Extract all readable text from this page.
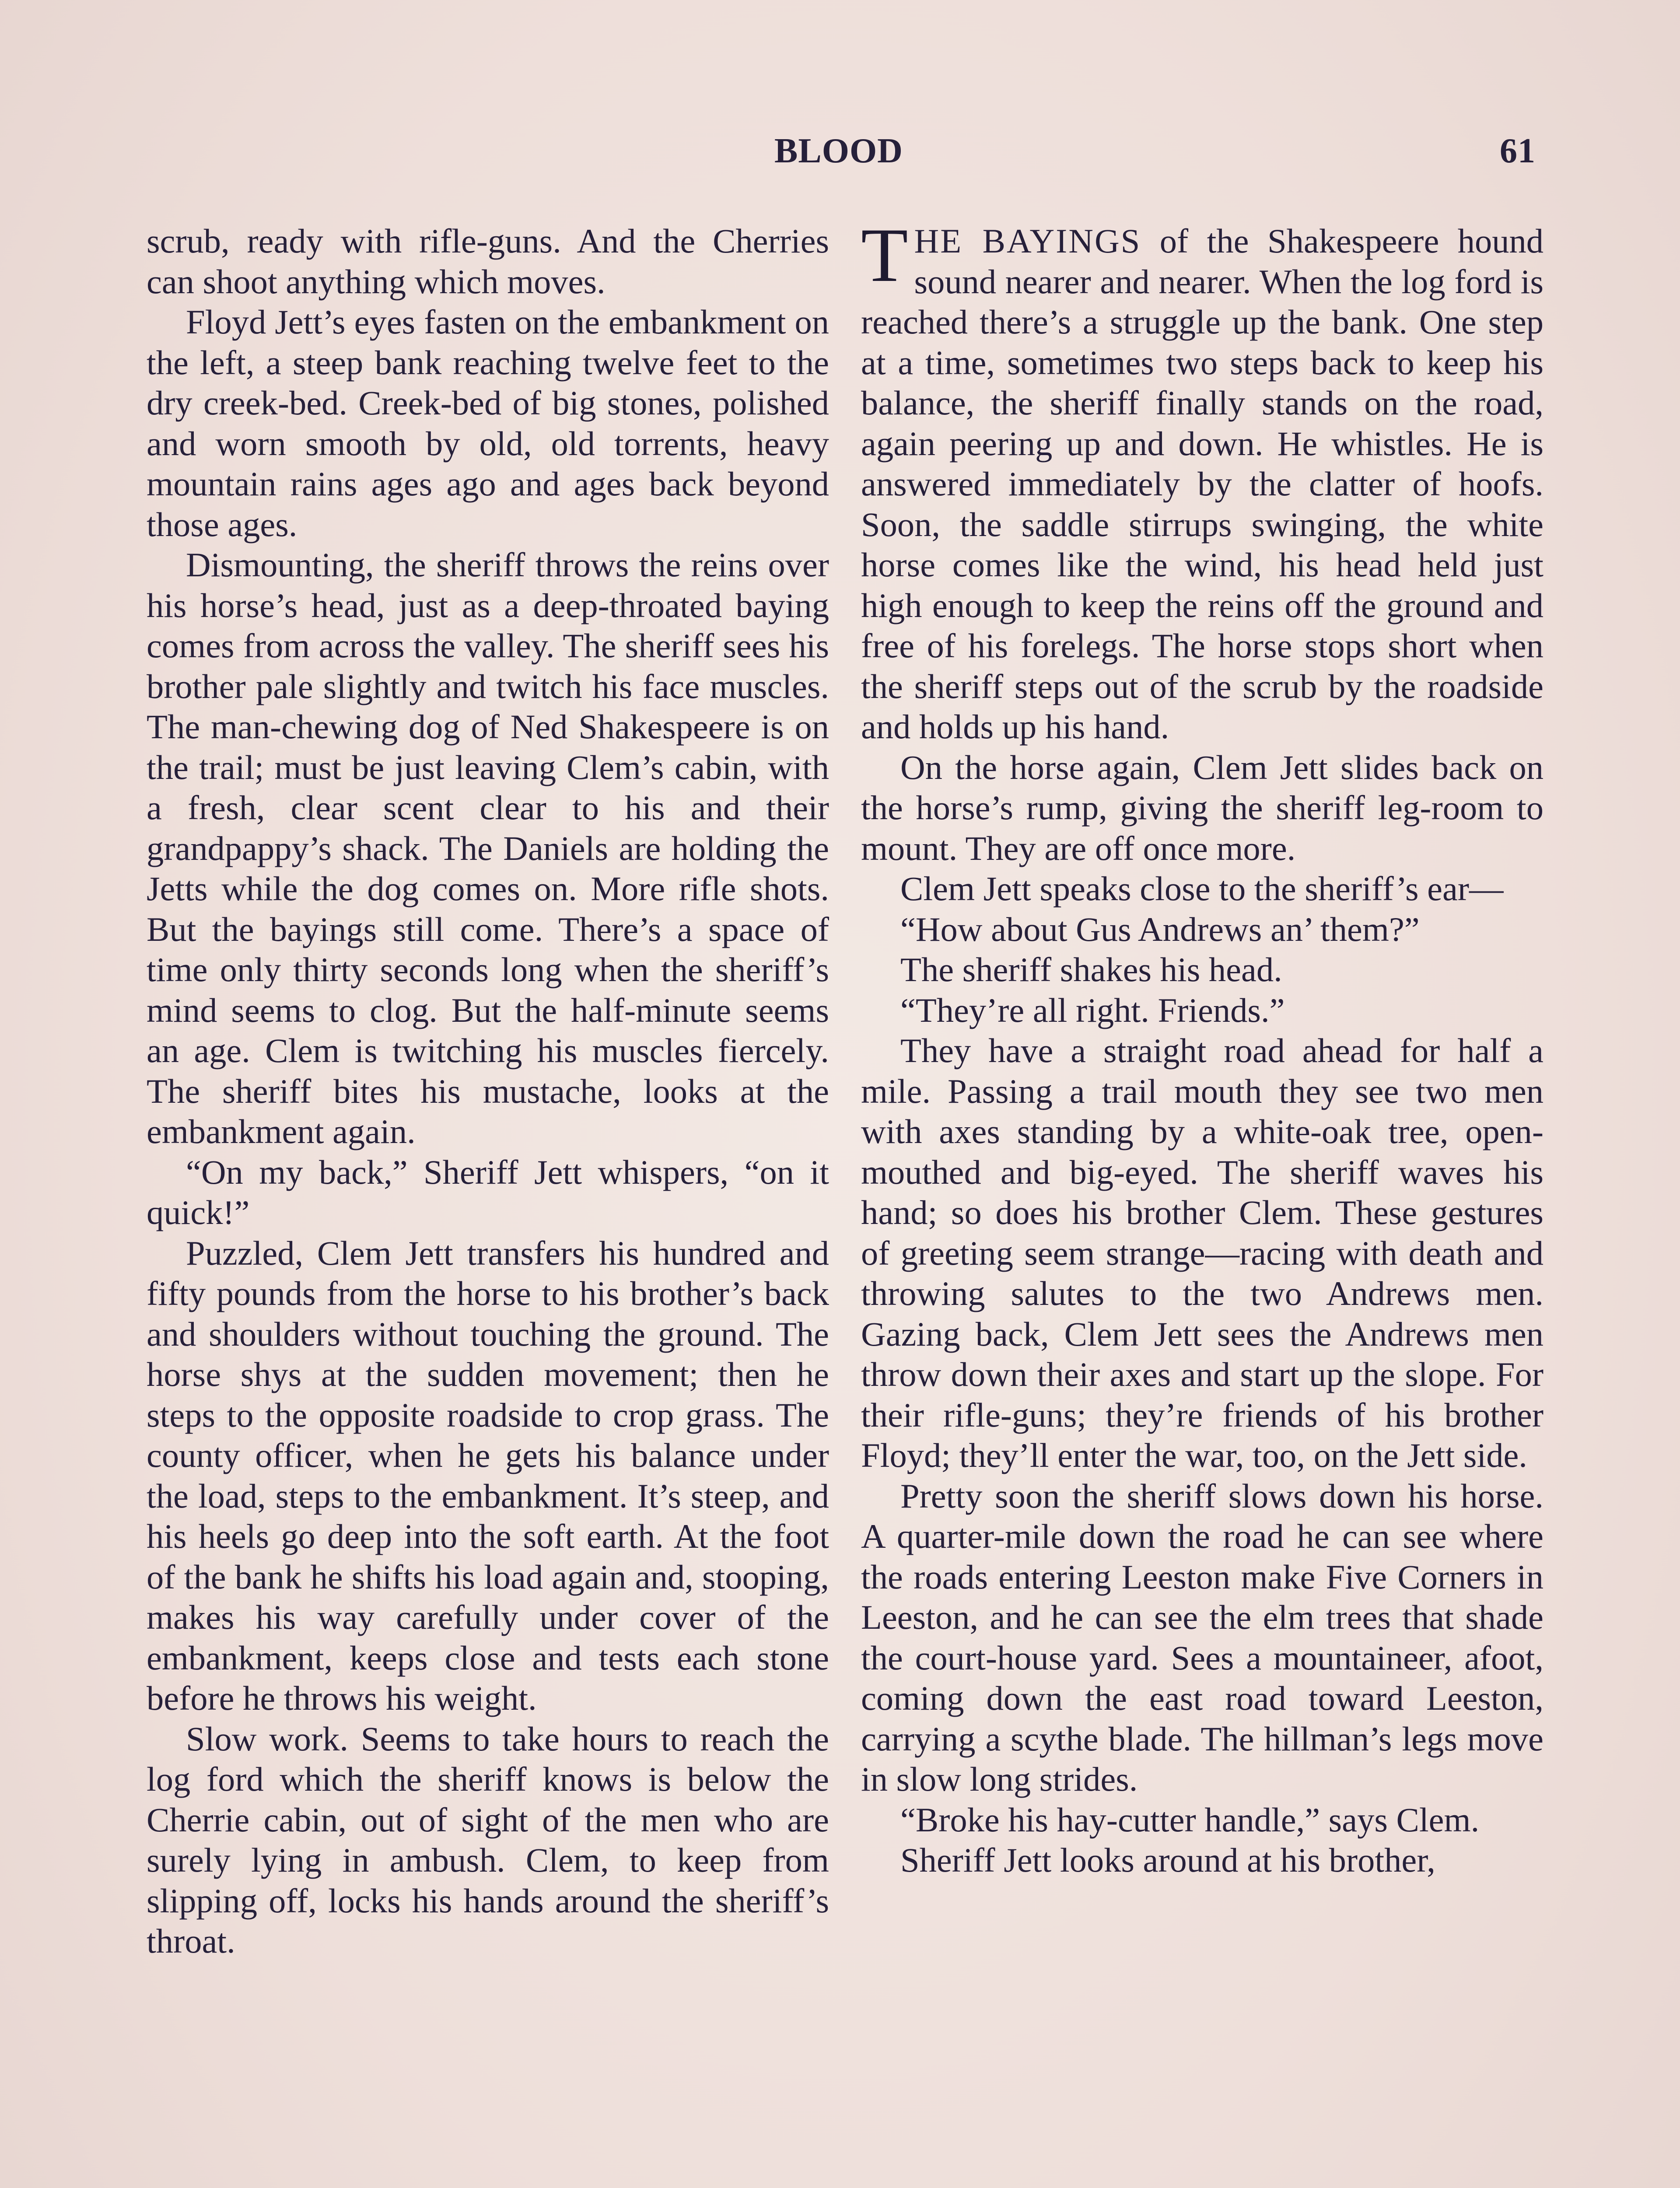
BLOOD	61

scrub, ready with rifle-guns. And the Cherries can shoot anything which moves.

Floyd Jett’s eyes fasten on the embankment on the left, a steep bank reaching twelve feet to the dry creek-bed. Creek-bed of big stones, polished and worn smooth by old, old torrents, heavy mountain rains ages ago and ages back beyond those ages.

Dismounting, the sheriff throws the reins over his horse’s head, just as a deep-throated baying comes from across the valley. The sheriff sees his brother pale slightly and twitch his face muscles. The man-chewing dog of Ned Shakespeere is on the trail; must be just leaving Clem’s cabin, with a fresh, clear scent clear to his and their grandpappy’s shack. The Daniels are holding the Jetts while the dog comes on. More rifle shots. But the bayings still come. There’s a space of time only thirty seconds long when the sheriff’s mind seems to clog. But the half-minute seems an age. Clem is twitching his muscles fiercely. The sheriff bites his mustache, looks at the embankment again.

“On my back,” Sheriff Jett whispers, “on it quick!”

Puzzled, Clem Jett transfers his hundred and fifty pounds from the horse to his brother’s back and shoulders without touching the ground. The horse shys at the sudden movement; then he steps to the opposite roadside to crop grass. The county officer, when he gets his balance under the load, steps to the embankment. It’s steep, and his heels go deep into the soft earth. At the foot of the bank he shifts his load again and, stooping, makes his way carefully under cover of the embankment, keeps close and tests each stone before he throws his weight.

Slow work. Seems to take hours to reach the log ford which the sheriff knows is below the Cherrie cabin, out of sight of the men who are surely lying in ambush. Clem, to keep from slipping off, locks his hands around the sheriff’s throat.

THE BAYINGS of the Shakespeere hound sound nearer and nearer. When the log ford is reached there’s a struggle up the bank. One step at a time, sometimes two steps back to keep his balance, the sheriff finally stands on the road, again peering up and down. He whistles. He is answered immediately by the clatter of hoofs. Soon, the saddle stirrups swinging, the white horse comes like the wind, his head held just high enough to keep the reins off the ground and free of his forelegs. The horse stops short when the sheriff steps out of the scrub by the roadside and holds up his hand.

On the horse again, Clem Jett slides back on the horse’s rump, giving the sheriff leg-room to mount. They are off once more.

Clem Jett speaks close to the sheriff’s ear—

“How about Gus Andrews an’ them?”

The sheriff shakes his head.

“They’re all right. Friends.”

They have a straight road ahead for half a mile. Passing a trail mouth they see two men with axes standing by a white-oak tree, open-mouthed and big-eyed. The sheriff waves his hand; so does his brother Clem. These gestures of greeting seem strange—racing with death and throwing salutes to the two Andrews men. Gazing back, Clem Jett sees the Andrews men throw down their axes and start up the slope. For their rifle-guns; they’re friends of his brother Floyd; they’ll enter the war, too, on the Jett side.

Pretty soon the sheriff slows down his horse. A quarter-mile down the road he can see where the roads entering Leeston make Five Corners in Leeston, and he can see the elm trees that shade the court-house yard. Sees a mountaineer, afoot, coming down the east road toward Leeston, carrying a scythe blade. The hillman’s legs move in slow long strides.

“Broke his hay-cutter handle,” says Clem.

Sheriff Jett looks around at his brother,
